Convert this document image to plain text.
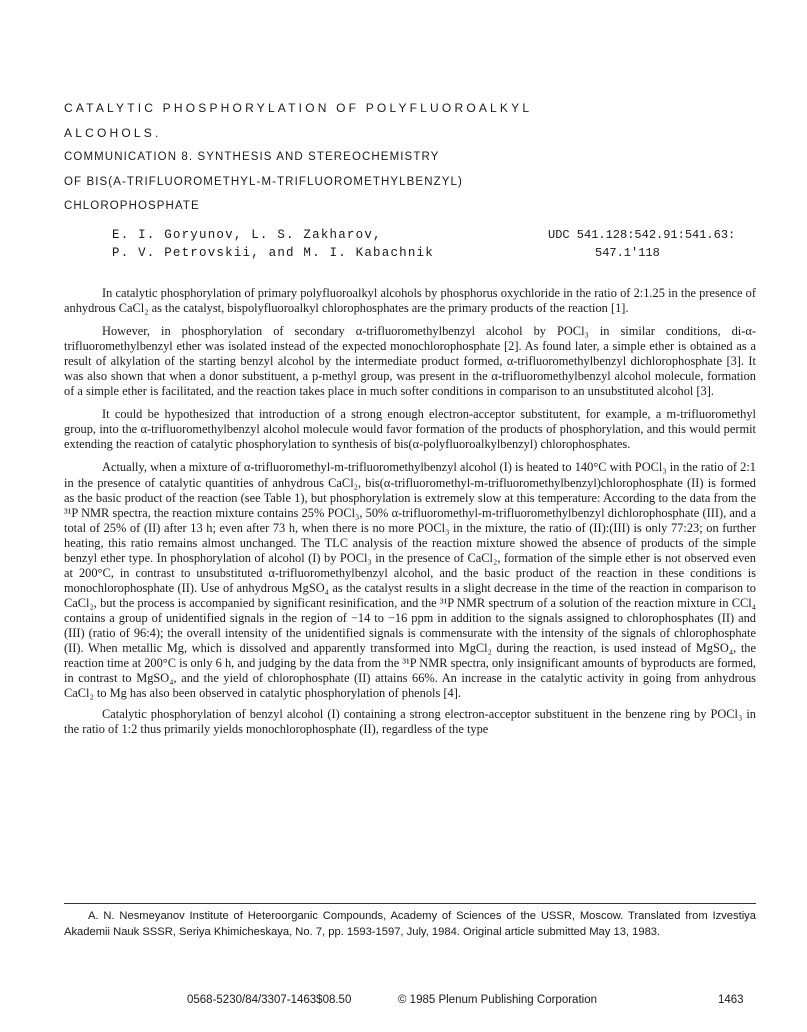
CATALYTIC PHOSPHORYLATION OF POLYFLUOROALKYL
ALCOHOLS.
COMMUNICATION 8. SYNTHESIS AND STEREOCHEMISTRY
OF BIS(Α-TRIFLUOROMETHYL-M-TRIFLUOROMETHYLBENZYL)
CHLOROPHOSPHATE
E. I. Goryunov, L. S. Zakharov,
P. V. Petrovskii, and M. I. Kabachnik
UDC 541.128:542.91:541.63:
547.1'118

In catalytic phosphorylation of primary polyfluoroalkyl alcohols by phosphorus oxychloride in the ratio of 2:1.25 in the presence of anhydrous CaCl₂ as the catalyst, bispolyfluoroalkyl chlorophosphates are the primary products of the reaction [1].

However, in phosphorylation of secondary α-trifluoromethylbenzyl alcohol by POCl₃ in similar conditions, di-α-trifluoromethylbenzyl ether was isolated instead of the expected monochlorophosphate [2]. As found later, a simple ether is obtained as a result of alkylation of the starting benzyl alcohol by the intermediate product formed, α-trifluoromethylbenzyl dichlorophosphate [3]. It was also shown that when a donor substituent, a p-methyl group, was present in the α-trifluoromethylbenzyl alcohol molecule, formation of a simple ether is facilitated, and the reaction takes place in much softer conditions in comparison to an unsubstituted alcohol [3].

It could be hypothesized that introduction of a strong enough electron-acceptor substitutent, for example, a m-trifluoromethyl group, into the α-trifluoromethylbenzyl alcohol molecule would favor formation of the products of phosphorylation, and this would permit extending the reaction of catalytic phosphorylation to synthesis of bis(α-polyfluoroalkylbenzyl) chlorophosphates.

Actually, when a mixture of α-trifluoromethyl-m-trifluoromethylbenzyl alcohol (I) is heated to 140°C with POCl₃ in the ratio of 2:1 in the presence of catalytic quantities of anhydrous CaCl₂, bis(α-trifluoromethyl-m-trifluoromethylbenzyl)chlorophosphate (II) is formed as the basic product of the reaction (see Table 1), but phosphorylation is extremely slow at this temperature: According to the data from the ³¹P NMR spectra, the reaction mixture contains 25% POCl₃, 50% α-trifluoromethyl-m-trifluoromethylbenzyl dichlorophosphate (III), and a total of 25% of (II) after 13 h; even after 73 h, when there is no more POCl₃ in the mixture, the ratio of (II):(III) is only 77:23; on further heating, this ratio remains almost unchanged. The TLC analysis of the reaction mixture showed the absence of products of the simple benzyl ether type. In phosphorylation of alcohol (I) by POCl₃ in the presence of CaCl₂, formation of the simple ether is not observed even at 200°C, in contrast to unsubstituted α-trifluoromethylbenzyl alcohol, and the basic product of the reaction in these conditions is monochlorophosphate (II). Use of anhydrous MgSO₄ as the catalyst results in a slight decrease in the time of the reaction in comparison to CaCl₂, but the process is accompanied by significant resinification, and the ³¹P NMR spectrum of a solution of the reaction mixture in CCl₄ contains a group of unidentified signals in the region of −14 to −16 ppm in addition to the signals assigned to chlorophosphates (II) and (III) (ratio of 96:4); the overall intensity of the unidentified signals is commensurate with the intensity of the signals of chlorophosphate (II). When metallic Mg, which is dissolved and apparently transformed into MgCl₂ during the reaction, is used instead of MgSO₄, the reaction time at 200°C is only 6 h, and judging by the data from the ³¹P NMR spectra, only insignificant amounts of byproducts are formed, in contrast to MgSO₄, and the yield of chlorophosphate (II) attains 66%. An increase in the catalytic activity in going from anhydrous CaCl₂ to Mg has also been observed in catalytic phosphorylation of phenols [4].

Catalytic phosphorylation of benzyl alcohol (I) containing a strong electron-acceptor substituent in the benzene ring by POCl₃ in the ratio of 1:2 thus primarily yields monochlorophosphate (II), regardless of the type

A. N. Nesmeyanov Institute of Heteroorganic Compounds, Academy of Sciences of the USSR, Moscow. Translated from Izvestiya Akademii Nauk SSSR, Seriya Khimicheskaya, No. 7, pp. 1593-1597, July, 1984. Original article submitted May 13, 1983.
0568-5230/84/3307-1463$08.50	© 1985 Plenum Publishing Corporation	1463
